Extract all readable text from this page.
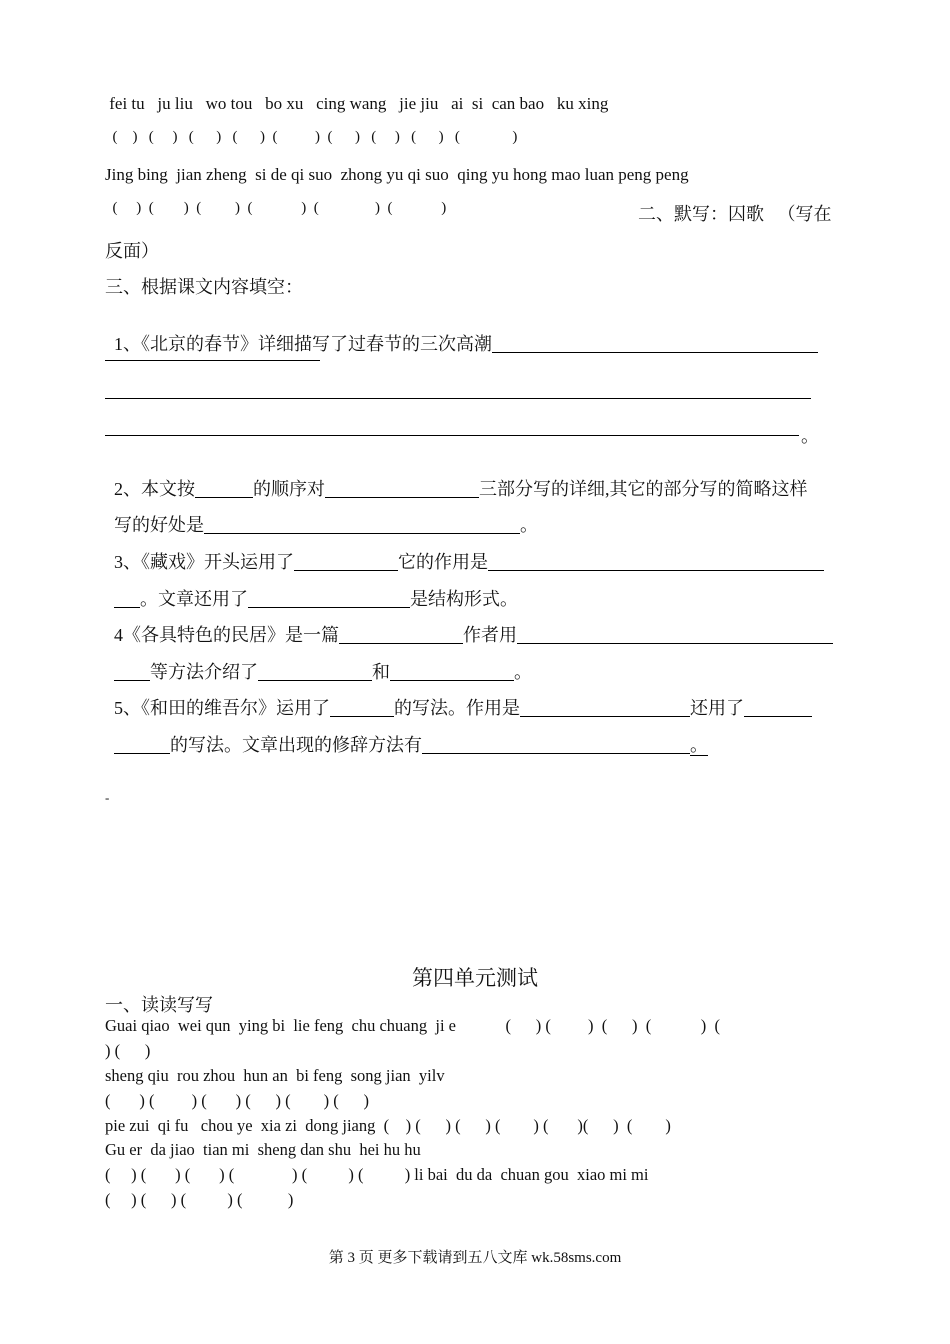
fei tu   ju liu   wo tou   bo xu   cing wang   jie jiu   ai  si  can bao   ku xing
(    )   (     )   (      )   (      )  (          )  (      )   (     )   (      )   (              )
Jing bing  jian zheng  si de qi suo  zhong yu qi suo  qing yu hong mao luan peng peng
(     )  (        )  (         )  (             )  (               )  (             )	二、默写：囚歌   （写在
反面）
三、根据课文内容填空：

1、《北京的春节》详细描写了过春节的三次高潮

。

2、本文按	的顺序对	三部分写的详细,其它的部分写的简略这样

写的好处是	。

3、《藏戏》开头运用了	它的作用是

。文章还用了	是结构形式。

4《各具特色的民居》是一篇	作者用

等方法介绍了	和	。

5、《和田的维吾尔》运用了	的写法。作用是	还用了

的写法。文章出现的修辞方法有	。

-
第四单元测试
一、读读写写
Guai qiao  wei qun  ying bi  lie feng  chu chuang  ji e            (      ) (         )  (      )  (            )  (
) (      )
sheng qiu  rou zhou  hun an  bi feng  song jian  yilv
(       ) (         ) (       ) (      ) (        ) (      )
pie zui  qi fu   chou ye  xia zi  dong jiang  (    ) (      ) (      ) (        ) (       )(      )  (        )
Gu er  da jiao  tian mi  sheng dan shu  hei hu hu
(     ) (       ) (       ) (              ) (          ) (          ) li bai  du da  chuan gou  xiao mi mi
(     ) (      ) (          ) (           )
第 3 页 更多下载请到五八文库 wk.58sms.com
